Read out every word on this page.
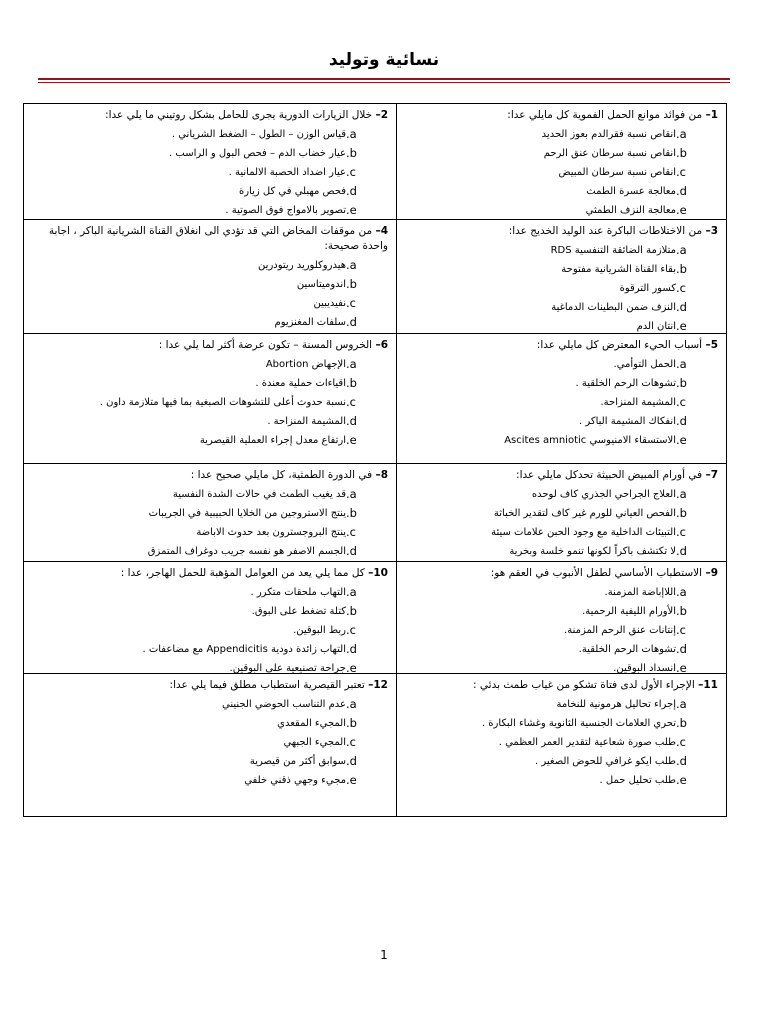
نسائية وتوليد
2– خلال الزيارات الدورية يجرى للحامل بشكل روتيني ما يلي عدا:
.a
قياس الوزن – الطول – الضغط الشرياني .
.b
عيار خضاب الدم – فحص البول و الراسب .
.c
عيار اضداد الحصبة الالمانية .
.d
فحص مهبلي في كل زيارة
.e
تصوير بالامواج فوق الصوتية .
1– من فوائد موانع الحمل الفموية كل مايلي عدا:
.a
انقاص نسبة فقرالدم بعوز الحديد
.b
انقاص نسبة سرطان عنق الرحم
.c
انقاص نسبة سرطان المبيض
.d
معالجة عسرة الطمث
.e
معالجة النزف الطمثي
4– من موقفات المخاض التي قد تؤدي الى انغلاق القناة الشريانية الباكر ، اجابة واحدة صحيحة:
.a
هيدروكلوريد ريتودرين
.b
اندوميتاسين
.c
نفيديبين
.d
سلفات المغنزيوم
3– من الاختلاطات الباكرة عند الوليد الخديج عدا:
.a
متلازمة الضائقة التنفسية RDS
.b
بقاء القناة الشريانية مفتوحة
.c
كسور الترقوة
.d
النزف ضمن البطينات الدماغية
.e
انتان الدم
6– الخروس المسنة – تكون عرضة أكثر لما يلي عدا :
.a
الإجهاض Abortion
.b
اقياءات حملية معندة .
.c
نسبة حدوث أعلى للتشوهات الصبغية بما فيها متلازمة داون .
.d
المشيمة المنزاحة .
.e
ارتفاع معدل إجراء العملية القيصرية
5– أسباب الحيء المعترض كل مايلي عدا:
.a
الحمل التوأمي.
.b
تشوهات الرحم الخلقية .
.c
المشيمة المنزاحة.
.d
انفكاك المشيمة الباكر .
.e
الاستسقاء الامنيوسي Ascites amniotic
8– في الدورة الطمثية، كل مايلي صحيح عدا :
.a
قد يغيب الطمث في حالات الشدة النفسية
.b
ينتج الاستروجين من الخلايا الحبيبية في الجريبات
.c
ينتج البروجسترون بعد حدوث الاباضة
.d
الجسم الاصفر هو نفسه جريب دوغراف المتمزق
7– في أورام المبيض الحبيثة تحدكل مايلي عدا:
.a
العلاج الجراحي الجذري كاف لوحده
.b
الفحص العياني للورم غير كاف لتقدير الخباثة
.c
التبيئات الداخلية مع وجود الحبن علامات سيئة
.d
لا تكتشف باكراً لكونها تنمو خلسة وبخرية
10– كل مما يلي يعد من العوامل المؤهبة للحمل الهاجر، عدا :
.a
التهاب ملحقات متكرر .
.b
كتلة تضغط على البوق.
.c
ربط البوقين.
.d
التهاب زائدة دودية Appendicitis مع مضاعفات .
.e
جراحة تصنيعية على البوقين.
9– الاستطباب الأساسي لطفل الأنبوب في العقم هو:
.a
اللاإباضة المزمنة.
.b
الأورام الليفية الرحمية.
.c
إنتانات عنق الرحم المزمنة.
.d
تشوهات الرحم الخلقية.
.e
انسداد البوقين.
12– تعتبر القيصرية استطباب مطلق فيما يلي عدا:
.a
عدم التناسب الحوضي الجنيني
.b
المجيء المقعدي
.c
المجيء الجبهي
.d
سوابق أكثر من قيصرية
.e
مجيء وجهي ذقني خلفي
11– الإجراء الأول لدى فتاة تشكو من غياب طمث بدئي :
.a
إجراء تحاليل هرمونية للنخامة
.b
تحري العلامات الجنسية الثانوية وغشاء البكارة .
.c
طلب صورة شعاعية لتقدير العمر العظمي .
.d
طلب ايكو غرافي للحوض الصغير .
.e
طلب تحليل حمل .
1
